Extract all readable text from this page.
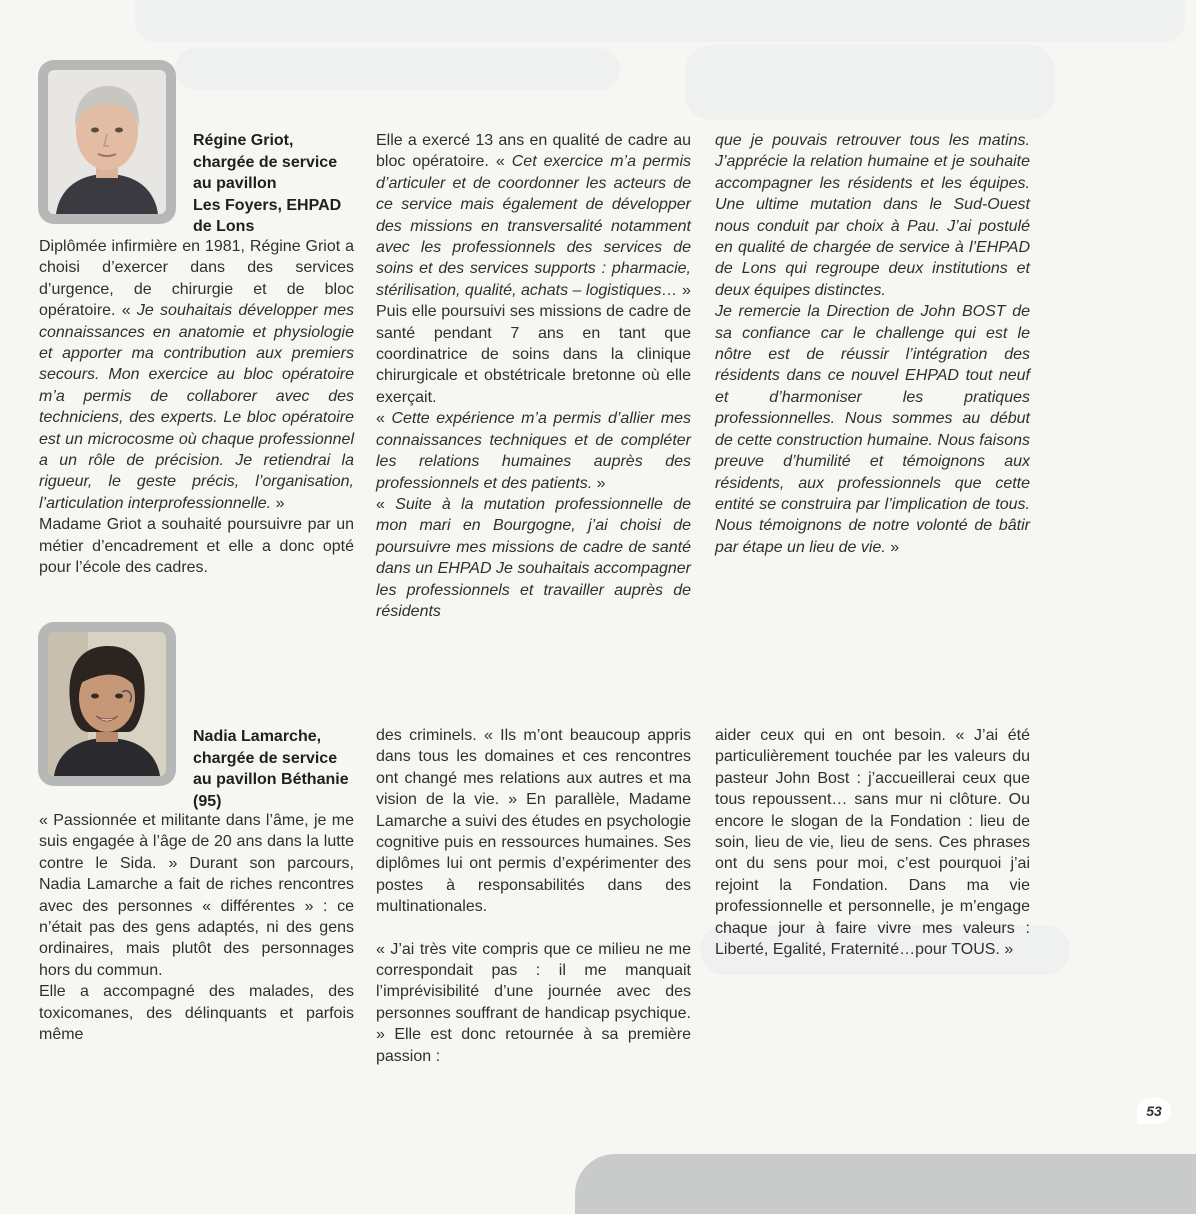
53
Régine Griot,
chargée de service
au pavillon
Les Foyers, EHPAD
de Lons

Diplômée infirmière en 1981, Régine Griot a choisi d’exercer dans des services d’urgence, de chirurgie et de bloc opératoire. « Je souhaitais développer mes connaissances en anatomie et physiologie et apporter ma contribution aux premiers secours. Mon exercice au bloc opératoire m’a permis de collaborer avec des techniciens, des experts. Le bloc opératoire est un microcosme où chaque professionnel a un rôle de précision. Je retiendrai la rigueur, le geste précis, l’organisation, l’articulation interprofessionnelle. »

Madame Griot a souhaité poursuivre par un métier d’encadrement et elle a donc opté pour l’école des cadres.

Elle a exercé 13 ans en qualité de cadre au bloc opératoire. « Cet exercice m’a permis d’articuler et de coordonner les acteurs de ce service mais également de développer des missions en transversalité notamment avec les professionnels des services de soins et des services supports : pharmacie, stérilisation, qualité, achats – logistiques… »

Puis elle poursuivi ses missions de cadre de santé pendant 7 ans en tant que coordinatrice de soins dans la clinique chirurgicale et obstétricale bretonne où elle exerçait.

« Cette expérience m’a permis d’allier mes connaissances techniques et de compléter les relations humaines auprès des professionnels et des patients. »

« Suite à la mutation professionnelle de mon mari en Bourgogne, j’ai choisi de poursuivre mes missions de cadre de santé dans un EHPAD Je souhaitais accompagner les professionnels et travailler auprès de résidents

que je pouvais retrouver tous les matins. J’apprécie la relation humaine et je souhaite accompagner les résidents et les équipes. Une ultime mutation dans le Sud-Ouest nous conduit par choix à Pau. J’ai postulé en qualité de chargée de service à l’EHPAD de Lons qui regroupe deux institutions et deux équipes distinctes.

Je remercie la Direction de John BOST de sa confiance car le challenge qui est le nôtre est de réussir l’intégration des résidents dans ce nouvel EHPAD tout neuf et d’harmoniser les pratiques professionnelles. Nous sommes au début de cette construction humaine. Nous faisons preuve d’humilité et témoignons aux résidents, aux professionnels que cette entité se construira par l’implication de tous. Nous témoignons de notre volonté de bâtir par étape un lieu de vie. »

Nadia Lamarche,
chargée de service
au pavillon Béthanie
(95)

« Passionnée et militante dans l’âme, je me suis engagée à l’âge de 20 ans dans la lutte contre le Sida. » Durant son parcours, Nadia Lamarche a fait de riches rencontres avec des personnes « différentes » : ce n’était pas des gens adaptés, ni des gens ordinaires, mais plutôt des personnages hors du commun.

Elle a accompagné des malades, des toxicomanes, des délinquants et parfois même

des criminels. « Ils m’ont beaucoup appris dans tous les domaines et ces rencontres ont changé mes relations aux autres et ma vision de la vie. » En parallèle, Madame Lamarche a suivi des études en psychologie cognitive puis en ressources humaines. Ses diplômes lui ont permis d’expérimenter des postes à responsabilités dans des multinationales.

« J’ai très vite compris que ce milieu ne me correspondait pas : il me manquait l’imprévisibilité d’une journée avec des personnes souffrant de handicap psychique. » Elle est donc retournée à sa première passion :

aider ceux qui en ont besoin. « J’ai été particulièrement touchée par les valeurs du pasteur John Bost : j’accueillerai ceux que tous repoussent… sans mur ni clôture. Ou encore le slogan de la Fondation : lieu de soin, lieu de vie, lieu de sens. Ces phrases ont du sens pour moi, c’est pourquoi j’ai rejoint la Fondation. Dans ma vie professionnelle et personnelle, je m’engage chaque jour à faire vivre mes valeurs : Liberté, Egalité, Fraternité…pour TOUS. »
